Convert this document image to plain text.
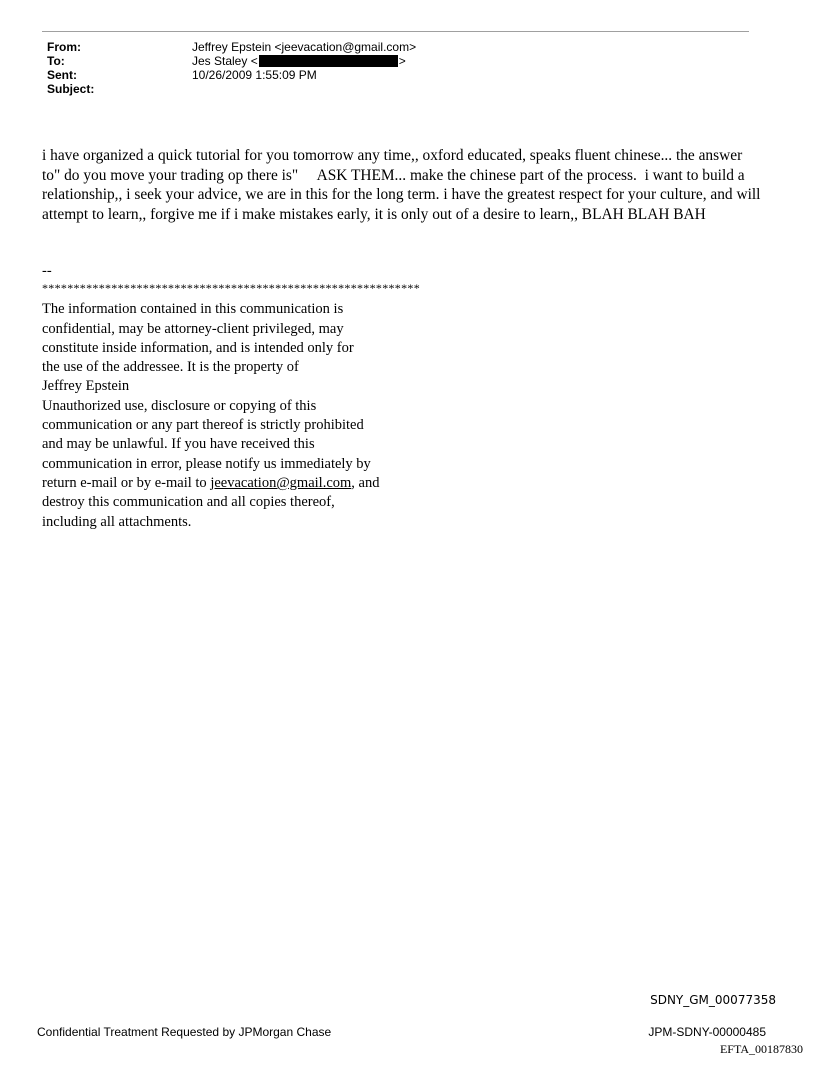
From:	Jeffrey Epstein <jeevacation@gmail.com>
To:	Jes Staley <	>
Sent:	10/26/2009 1:55:09 PM
Subject:
i have organized a quick tutorial for you tomorrow any time,, oxford educated, speaks fluent chinese... the answer to" do you move your trading op there is"     ASK THEM... make the chinese part of the process.  i want to build a relationship,, i seek your advice, we are in this for the long term. i have the greatest respect for your culture, and will attempt to learn,, forgive me if i make mistakes early, it is only out of a desire to learn,, BLAH BLAH BAH
--
************************************************************
The information contained in this communication is
confidential, may be attorney-client privileged, may
constitute inside information, and is intended only for
the use of the addressee. It is the property of
Jeffrey Epstein
Unauthorized use, disclosure or copying of this
communication or any part thereof is strictly prohibited
and may be unlawful. If you have received this
communication in error, please notify us immediately by
return e-mail or by e-mail to jeevacation@gmail.com, and
destroy this communication and all copies thereof,
including all attachments.
SDNY_GM_00077358
Confidential Treatment Requested by JPMorgan Chase	JPM-SDNY-00000485
EFTA_00187830
